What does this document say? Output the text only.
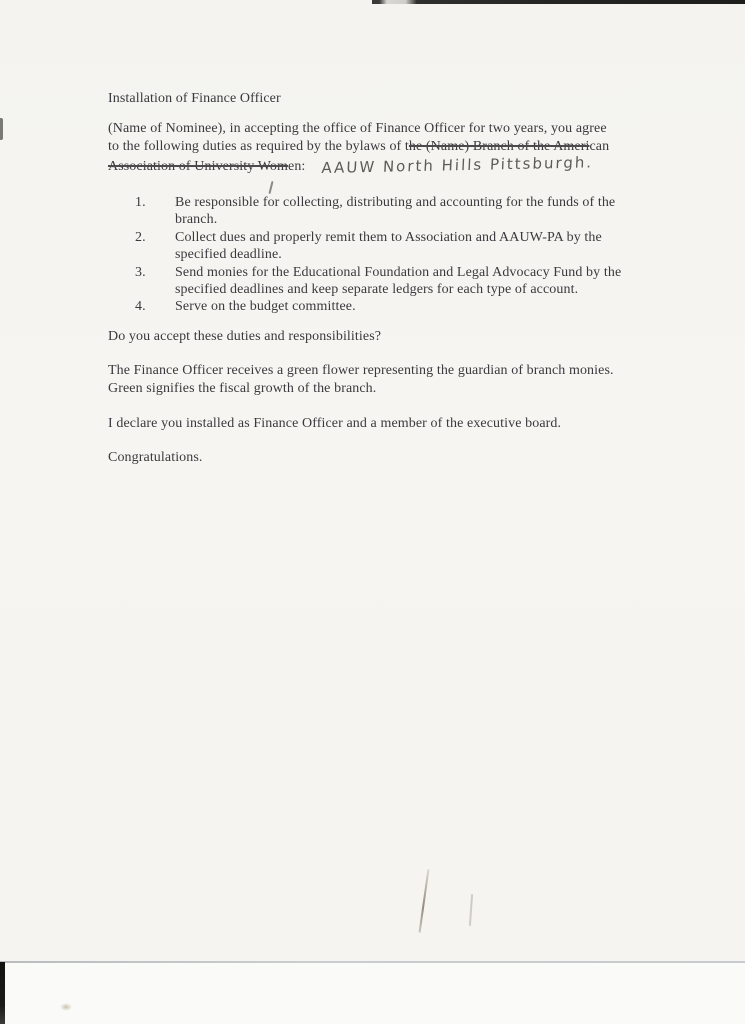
Installation of Finance Officer
(Name of Nominee), in accepting the office of Finance Officer for two years, you agree
to the following duties as required by the bylaws of the (Name) Branch of the American
Association of University Women: AAUW North Hills Pittsburgh.
1.	Be responsible for collecting, distributing and accounting for the funds of the
branch.
2.	Collect dues and properly remit them to Association and AAUW-PA by the
specified deadline.
3.	Send monies for the Educational Foundation and Legal Advocacy Fund by the
specified deadlines and keep separate ledgers for each type of account.
4.	Serve on the budget committee.
Do you accept these duties and responsibilities?
The Finance Officer receives a green flower representing the guardian of branch monies.
Green signifies the fiscal growth of the branch.
I declare you installed as Finance Officer and a member of the executive board.
Congratulations.
